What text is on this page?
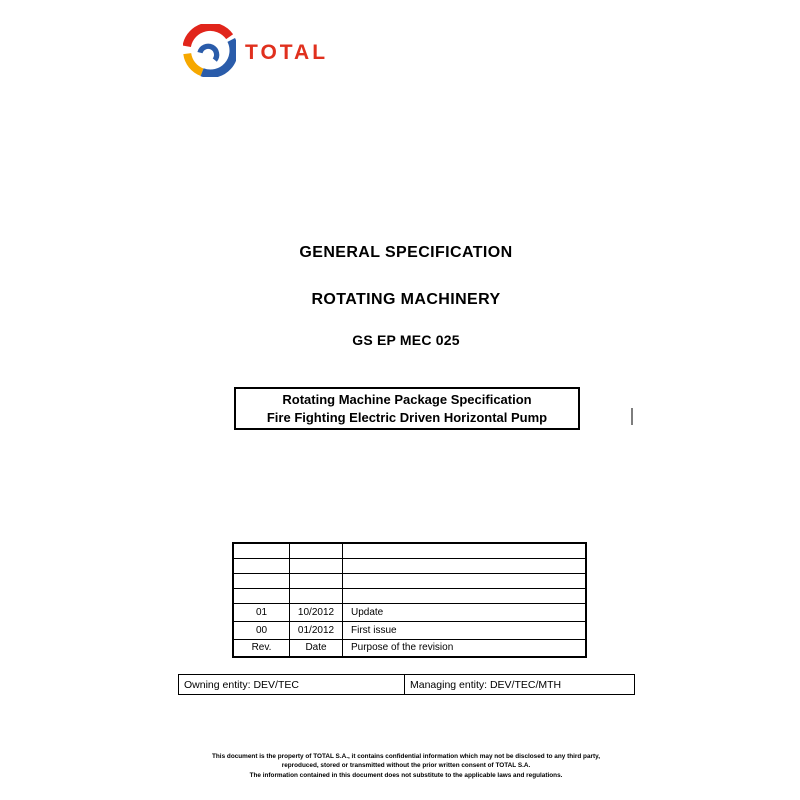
TOTAL
GENERAL SPECIFICATION
ROTATING MACHINERY
GS EP MEC 025
Rotating Machine Package Specification
Fire Fighting Electric Driven Horizontal Pump

01	10/2012	Update
00	01/2012	First issue
Rev.	Date	Purpose of the revision
Owning entity: DEV/TEC	Managing entity: DEV/TEC/MTH
This document is the property of TOTAL S.A., it contains confidential information which may not be disclosed to any third party,
reproduced, stored or transmitted without the prior written consent of TOTAL S.A.
The information contained in this document does not substitute to the applicable laws and regulations.
